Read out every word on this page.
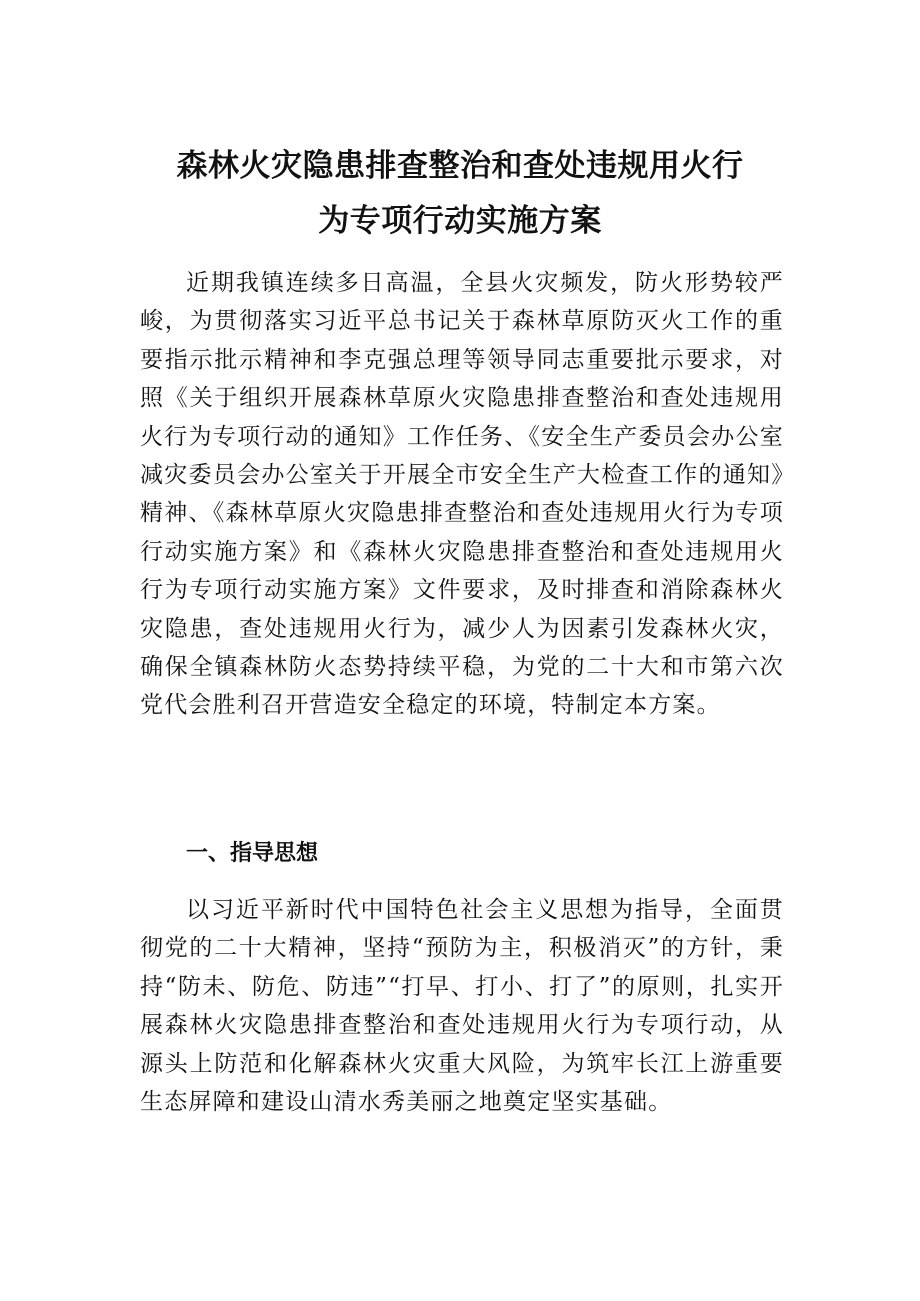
森林火灾隐患排查整治和查处违规用火行
为专项行动实施方案

近期我镇连续多日高温，全县火灾频发，防火形势较严峻，为贯彻落实习近平总书记关于森林草原防灭火工作的重要指示批示精神和李克强总理等领导同志重要批示要求，对照《关于组织开展森林草原火灾隐患排查整治和查处违规用火行为专项行动的通知》工作任务、《安全生产委员会办公室减灾委员会办公室关于开展全市安全生产大检查工作的通知》精神、《森林草原火灾隐患排查整治和查处违规用火行为专项行动实施方案》和《森林火灾隐患排查整治和查处违规用火行为专项行动实施方案》文件要求，及时排查和消除森林火灾隐患，查处违规用火行为，减少人为因素引发森林火灾，确保全镇森林防火态势持续平稳，为党的二十大和市第六次党代会胜利召开营造安全稳定的环境，特制定本方案。

一、指导思想

以习近平新时代中国特色社会主义思想为指导，全面贯彻党的二十大精神，坚持“预防为主，积极消灭”的方针，秉持“防未、防危、防违”“打早、打小、打了”的原则，扎实开展森林火灾隐患排查整治和查处违规用火行为专项行动，从源头上防范和化解森林火灾重大风险，为筑牢长江上游重要生态屏障和建设山清水秀美丽之地奠定坚实基础。
